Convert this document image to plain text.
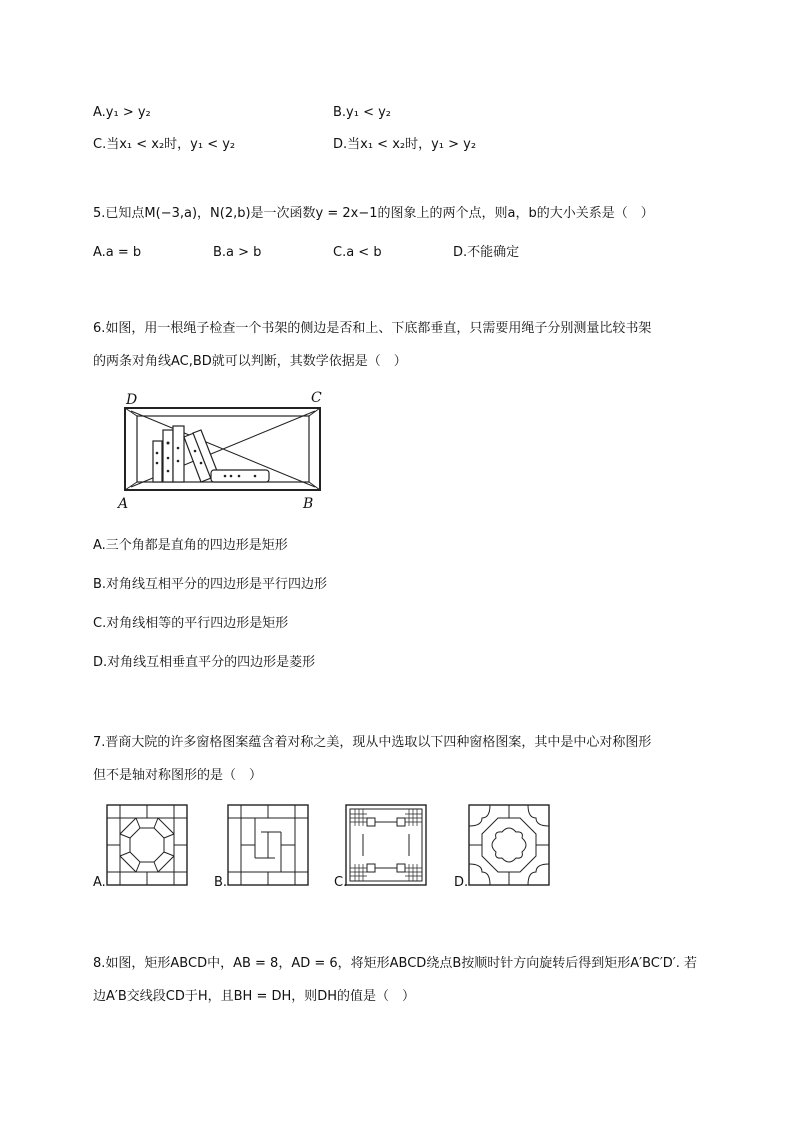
A.y₁ > y₂	B.y₁ < y₂
C.当x₁ < x₂时，y₁ < y₂	D.当x₁ < x₂时，y₁ > y₂
5.已知点M(−3,a)，N(2,b)是一次函数y = 2x−1的图象上的两个点，则a，b的大小关系是（　）
A.a = b	B.a > b	C.a < b	D.不能确定
6.如图，用一根绳子检查一个书架的侧边是否和上、下底都垂直，只需要用绳子分别测量比较书架
的两条对角线AC,BD就可以判断，其数学依据是（　）
D	C
A	B
A.三个角都是直角的四边形是矩形
B.对角线互相平分的四边形是平行四边形
C.对角线相等的平行四边形是矩形
D.对角线互相垂直平分的四边形是菱形
7.晋商大院的许多窗格图案蕴含着对称之美，现从中选取以下四种窗格图案，其中是中心对称图形
但不是轴对称图形的是（　）
A.	B.	C.	D.
8.如图，矩形ABCD中，AB = 8，AD = 6，将矩形ABCD绕点B按顺时针方向旋转后得到矩形A′BC′D′. 若
边A′B交线段CD于H，且BH = DH，则DH的值是（　）
